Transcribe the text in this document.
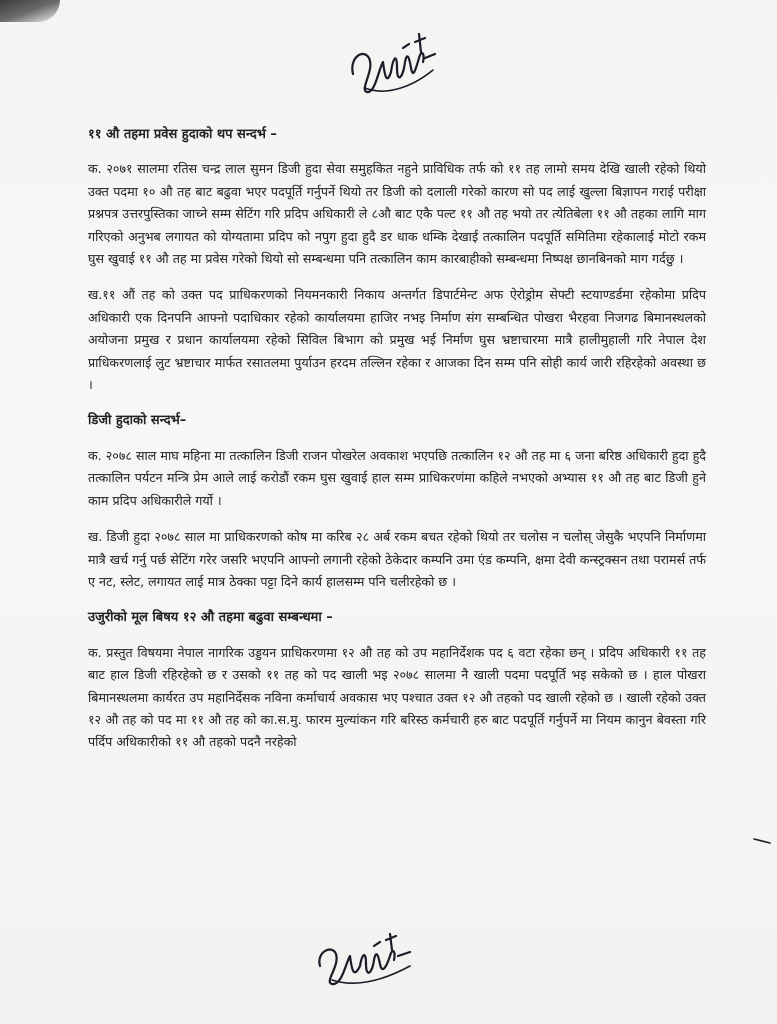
११ औ तहमा प्रवेस हुदाको थप सन्दर्भ –

क. २०७१ सालमा रतिस चन्द्र लाल सुमन डिजी हुदा सेवा समुहकित नहुने प्राविधिक तर्फ को ११ तह लामो समय देखि खाली रहेको थियो उक्त पदमा १० औ तह बाट बढुवा भएर पदपूर्ति गर्नुपर्ने थियो तर डिजी को दलाली गरेको कारण सो पद लाई खुल्ला बिज्ञापन गराई परीक्षा प्रश्नपत्र उत्तरपुस्तिका जाच्ने सम्म सेटिंग गरि प्रदिप अधिकारी ले ८औ बाट एकै पल्ट ११ औ तह भयो तर त्येतिबेला ११ औ तहका लागि माग गरिएको अनुभब लगायत को योग्यतामा प्रदिप को नपुग हुदा हुदै डर धाक धम्कि देखाई तत्कालिन पदपूर्ति समितिमा रहेकालाई मोटो रकम घुस खुवाई ११ औ तह मा प्रवेस गरेको थियो सो सम्बन्धमा पनि तत्कालिन काम कारबाहीको सम्बन्धमा निष्पक्ष छानबिनको माग गर्दछु ।

ख.११ औं तह को उक्त पद प्राधिकरणको नियमनकारी निकाय अन्तर्गत डिपार्टमेन्ट अफ ऐरोड्रोम सेफ्टी स्टयाण्डर्डमा रहेकोमा प्रदिप अधिकारी एक दिनपनि आफ्नो पदाधिकार रहेको कार्यालयमा हाजिर नभइ निर्माण संग सम्बन्धित पोखरा भैरहवा निजगढ बिमानस्थलको अयोजना प्रमुख र प्रधान कार्यालयमा रहेको सिविल बिभाग को प्रमुख भई निर्माण घुस भ्रष्टाचारमा मात्रै हालीमुहाली गरि नेपाल देश प्राधिकरणलाई लुट भ्रष्टाचार मार्फत रसातलमा पुर्याउन हरदम तल्लिन रहेका र आजका दिन सम्म पनि सोही कार्य जारी रहिरहेको अवस्था छ ।

डिजी हुदाको सन्दर्भ–

क. २०७८ साल माघ महिना मा तत्कालिन डिजी राजन पोखरेल अवकाश भएपछि तत्कालिन १२ औ तह मा ६ जना बरिष्ठ अधिकारी हुदा हुदै तत्कालिन पर्यटन मन्त्रि प्रेम आले लाई करोडौं रकम घुस खुवाई हाल सम्म प्राधिकरणंमा कहिले नभएको अभ्यास ११ औ तह बाट डिजी हुने काम प्रदिप अधिकारीले गर्यो ।

ख. डिजी हुदा २०७८ साल मा प्राधिकरणको कोष मा करिब २८ अर्ब रकम बचत रहेको थियो तर चलोस न चलोस् जेसुकै भएपनि निर्माणमा मात्रै खर्च गर्नु पर्छ सेटिंग गरेर जसरि भएपनि आफ्नो लगानी रहेको ठेकेदार कम्पनि उमा एंड कम्पनि, क्षमा देवी कन्स्ट्रक्सन तथा परामर्स तर्फ ए नट, स्लेट, लगायत लाई मात्र ठेक्का पट्टा दिने कार्य हालसम्म पनि चलीरहेको छ ।

उजुरीको मूल बिषय १२ औ तहमा बढुवा सम्बन्धमा –

क. प्रस्तुत विषयमा नेपाल नागरिक उड्डयन प्राधिकरणमा १२ औ तह को उप महानिर्देशक पद ६ वटा रहेका छन् । प्रदिप अधिकारी ११ तह बाट हाल डिजी रहिरहेको छ र उसको ११ तह को पद खाली भइ २०७८ सालमा नै खाली पदमा पदपूर्ति भइ सकेको छ । हाल पोखरा बिमानस्थलमा कार्यरत उप महानिर्देसक नविना कर्माचार्य अवकास भए पश्चात उक्त १२ औ तहको पद खाली रहेको छ । खाली रहेको उक्त १२ औ तह को पद मा ११ औ तह को का.स.मु. फारम मुल्यांकन गरि बरिस्ठ कर्मचारी हरु बाट पदपूर्ति गर्नुपर्ने मा नियम कानुन बेवस्ता गरि पर्दिप अधिकारीको ११ औ तहको पदनै नरहेको
